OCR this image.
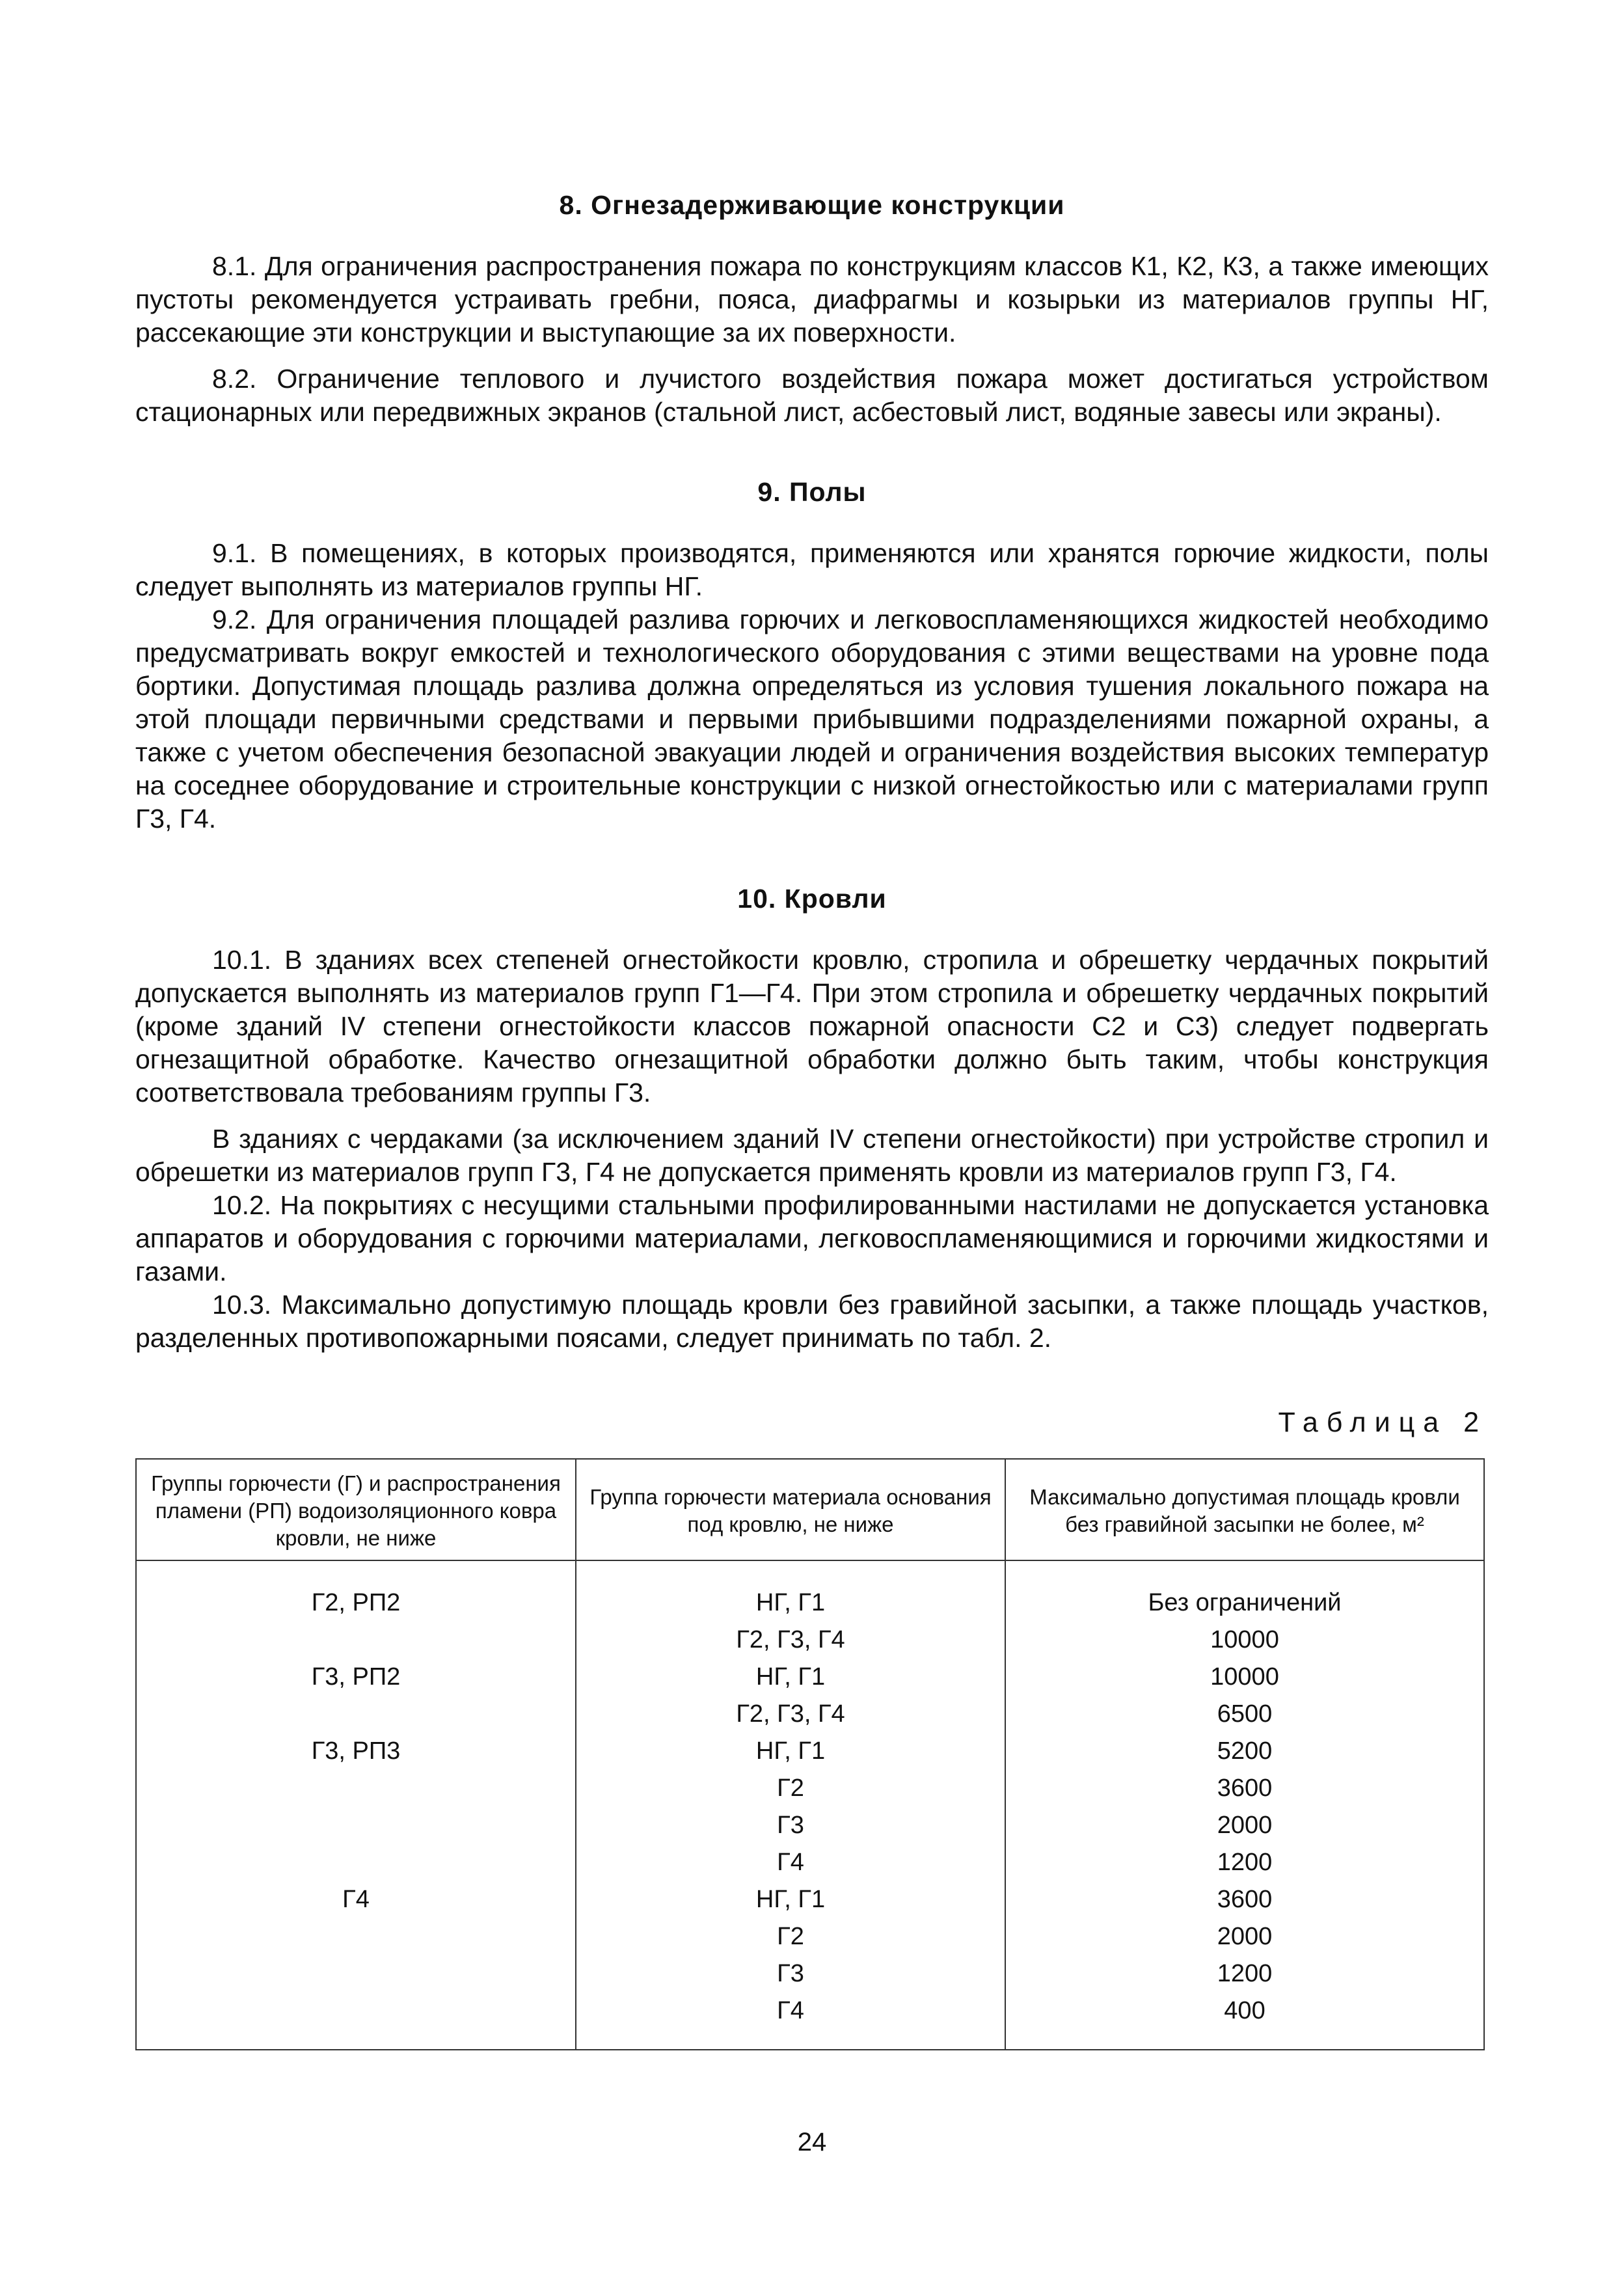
8. Огнезадерживающие конструкции

8.1. Для ограничения распространения пожара по конструкциям классов К1, К2, К3, а также имеющих пустоты рекомендуется устраивать гребни, пояса, диафрагмы и козырьки из материалов группы НГ, рассекающие эти конструкции и выступающие за их поверхности.

8.2. Ограничение теплового и лучистого воздействия пожара может достигаться устройством стационарных или передвижных экранов (стальной лист, асбестовый лист, водяные завесы или экраны).

9. Полы

9.1. В помещениях, в которых производятся, применяются или хранятся горючие жидкости, полы следует выполнять из материалов группы НГ.

9.2. Для ограничения площадей разлива горючих и легковоспламеняющихся жидкостей необходимо предусматривать вокруг емкостей и технологического оборудования с этими веществами на уровне пода бортики. Допустимая площадь разлива должна определяться из условия тушения локального пожара на этой площади первичными средствами и первыми прибывшими подразделениями пожарной охраны, а также с учетом обеспечения безопасной эвакуации людей и ограничения воздействия высоких температур на соседнее оборудование и строительные конструкции с низкой огнестойкостью или с материалами групп Г3, Г4.

10. Кровли

10.1. В зданиях всех степеней огнестойкости кровлю, стропила и обрешетку чердачных покрытий допускается выполнять из материалов групп Г1—Г4. При этом стропила и обрешетку чердачных покрытий (кроме зданий IV степени огнестойкости классов пожарной опасности С2 и С3) следует подвергать огнезащитной обработке. Качество огнезащитной обработки должно быть таким, чтобы конструкция соответствовала требованиям группы Г3.

В зданиях с чердаками (за исключением зданий IV степени огнестойкости) при устройстве стропил и обрешетки из материалов групп Г3, Г4 не допускается применять кровли из материалов групп Г3, Г4.

10.2. На покрытиях с несущими стальными профилированными настилами не допускается установка аппаратов и оборудования с горючими материалами, легковоспламеняющимися и горючими жидкостями и газами.

10.3. Максимально допустимую площадь кровли без гравийной засыпки, а также площадь участков, разделенных противопожарными поясами, следует принимать по табл. 2.

Таблица 2
Группы горючести (Г) и распространения пламени (РП) водоизоляционного ковра кровли, не ниже	Группа горючести материала основания под кровлю, не ниже	Максимально допустимая площадь кровли без гравийной засыпки не более, м²
Г2, РП2	НГ, Г1	Без ограничений
	Г2, Г3, Г4	10000
Г3, РП2	НГ, Г1	10000
	Г2, Г3, Г4	6500
Г3, РП3	НГ, Г1	5200
	Г2	3600
	Г3	2000
	Г4	1200
Г4	НГ, Г1	3600
	Г2	2000
	Г3	1200
	Г4	400
24
